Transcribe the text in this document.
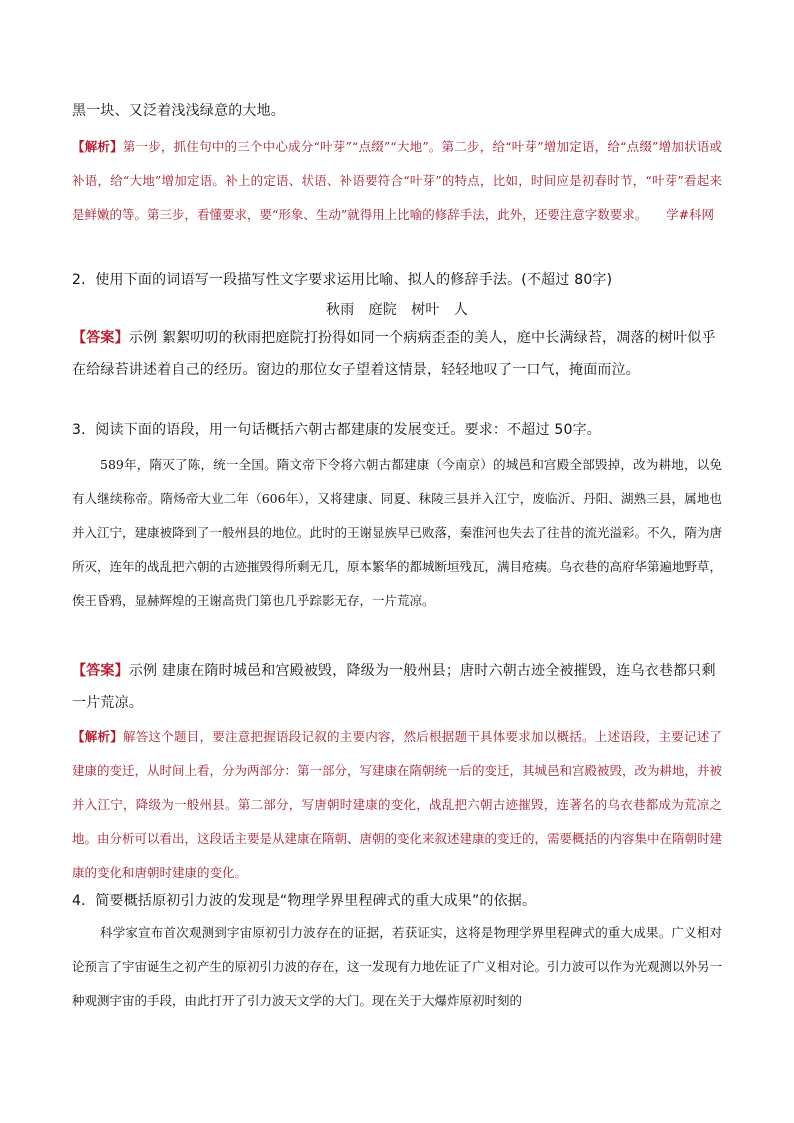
黑一块、又泛着浅浅绿意的大地。

【解析】第一步，抓住句中的三个中心成分“叶芽”“点缀”“大地”。第二步，给“叶芽”增加定语，给“点缀”增加状语或补语，给“大地”增加定语。补上的定语、状语、补语要符合“叶芽”的特点，比如，时间应是初春时节，“叶芽”看起来是鲜嫩的等。第三步，看懂要求，要“形象、生动”就得用上比喻的修辞手法，此外，还要注意字数要求。　　 学#科网

2．使用下面的词语写一段描写性文字要求运用比喻、拟人的修辞手法。(不超过 80字)

秋雨　庭院　树叶　人

【答案】示例 絮絮叨叨的秋雨把庭院打扮得如同一个病病歪歪的美人，庭中长满绿苔，凋落的树叶似乎在给绿苔讲述着自己的经历。窗边的那位女子望着这情景，轻轻地叹了一口气，掩面而泣。

3．阅读下面的语段，用一句话概括六朝古都建康的发展变迁。要求：不超过 50字。

589年，隋灭了陈，统一全国。隋文帝下令将六朝古都建康（今南京）的城邑和宫殿全部毁掉，改为耕地，以免有人继续称帝。隋炀帝大业二年（606年），又将建康、同夏、秣陵三县并入江宁，废临沂、丹阳、湖熟三县，属地也并入江宁，建康被降到了一般州县的地位。此时的王谢显族早已败落，秦淮河也失去了往昔的流光溢彩。不久，隋为唐所灭，连年的战乱把六朝的古迹摧毁得所剩无几，原本繁华的都城断垣残瓦，满目疮痍。乌衣巷的高府华第遍地野草，俟王昏鸦，显赫辉煌的王谢高贵门第也几乎踪影无存，一片荒凉。

【答案】示例 建康在隋时城邑和宫殿被毁，降级为一般州县；唐时六朝古迹全被摧毁，连乌衣巷都只剩一片荒凉。

【解析】解答这个题目，要注意把握语段记叙的主要内容，然后根据题干具体要求加以概括。上述语段，主要记述了建康的变迁，从时间上看，分为两部分：第一部分，写建康在隋朝统一后的变迁，其城邑和宫殿被毁，改为耕地，并被并入江宁，降级为一般州县。第二部分，写唐朝时建康的变化，战乱把六朝古迹摧毁，连著名的乌衣巷都成为荒凉之地。由分析可以看出，这段话主要是从建康在隋朝、唐朝的变化来叙述建康的变迁的，需要概括的内容集中在隋朝时建康的变化和唐朝时建康的变化。

4．简要概括原初引力波的发现是“物理学界里程碑式的重大成果”的依据。

科学家宣布首次观测到宇宙原初引力波存在的证据，若获证实，这将是物理学界里程碑式的重大成果。广义相对论预言了宇宙诞生之初产生的原初引力波的存在，这一发现有力地佐证了广义相对论。引力波可以作为光观测以外另一种观测宇宙的手段，由此打开了引力波天文学的大门。现在关于大爆炸原初时刻的
